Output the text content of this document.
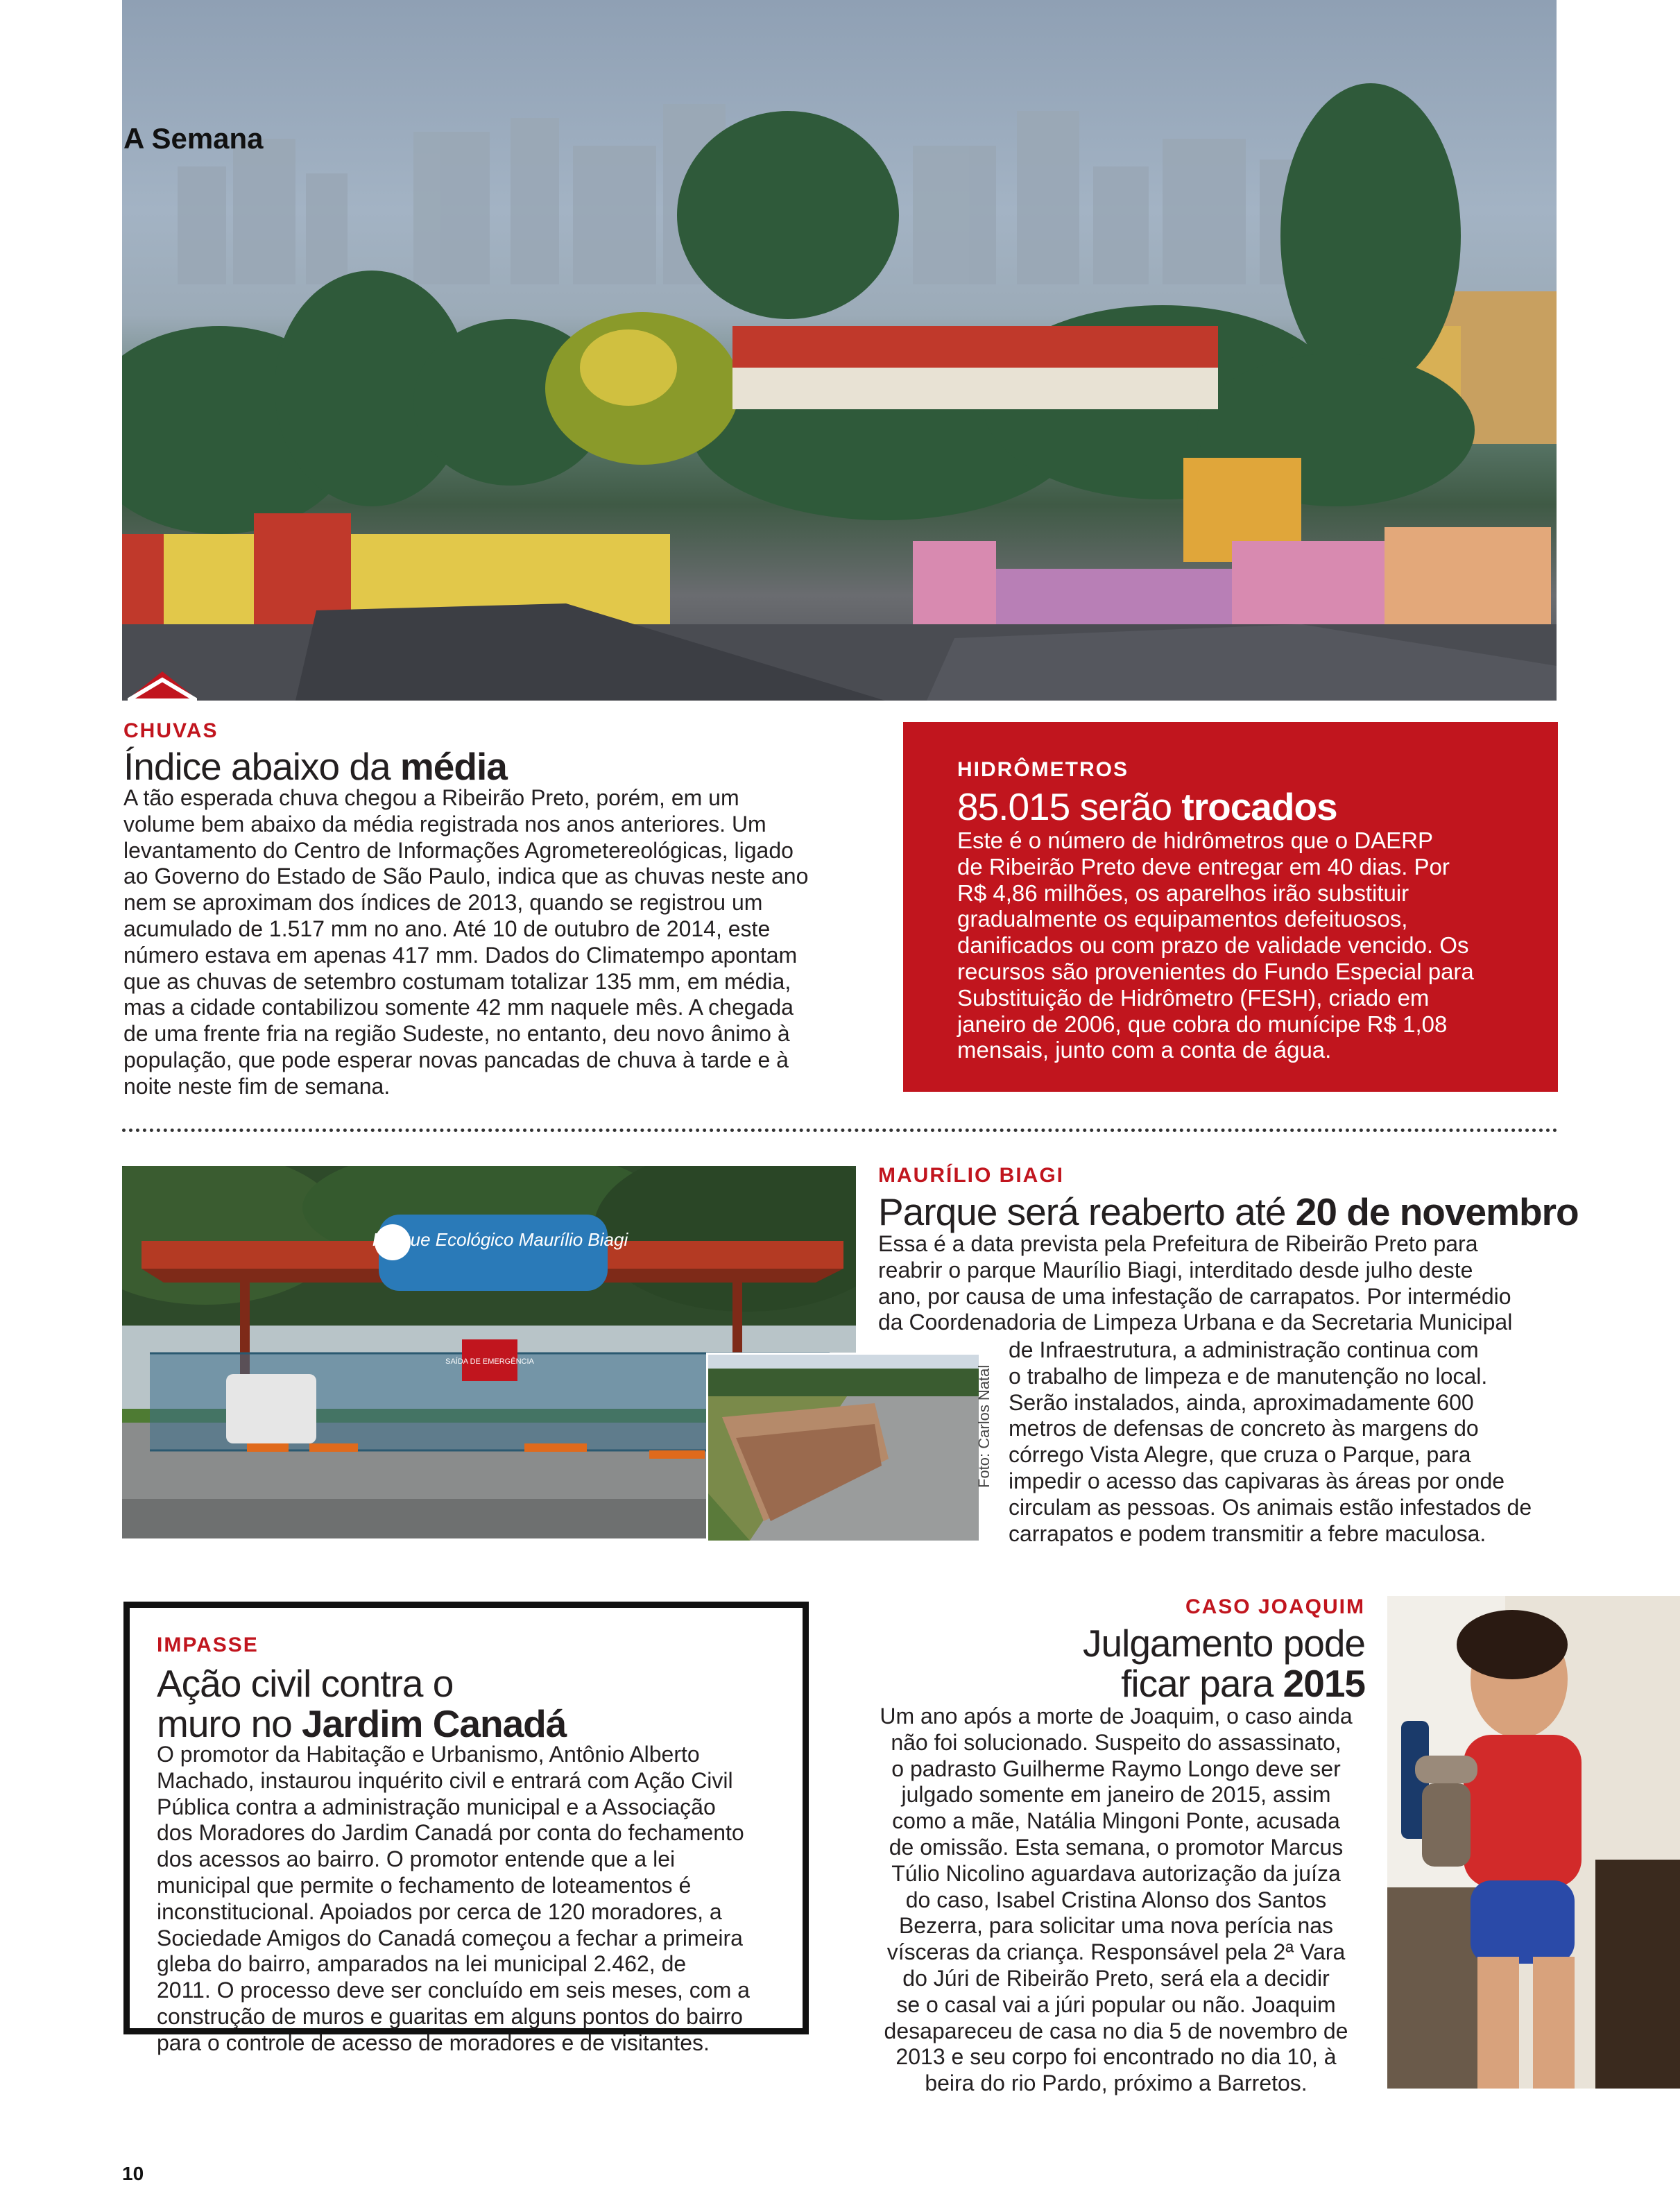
A Semana
CHUVAS
Índice abaixo da média
A tão esperada chuva chegou a Ribeirão Preto, porém, em um
volume bem abaixo da média registrada nos anos anteriores. Um
levantamento do Centro de Informações Agrometereológicas, ligado
ao Governo do Estado de São Paulo, indica que as chuvas neste ano
nem se aproximam dos índices de 2013, quando se registrou um
acumulado de 1.517 mm no ano. Até 10 de outubro de 2014, este
número estava em apenas 417 mm. Dados do Climatempo apontam
que as chuvas de setembro costumam totalizar 135 mm, em média,
mas a cidade contabilizou somente 42 mm naquele mês. A chegada
de uma frente fria na região Sudeste, no entanto, deu novo ânimo à
população, que pode esperar novas pancadas de chuva à tarde e à
noite neste fim de semana.
HIDRÔMETROS
85.015 serão trocados
Este é o número de hidrômetros que o DAERP
de Ribeirão Preto deve entregar em 40 dias. Por
R$ 4,86 milhões, os aparelhos irão substituir
gradualmente os equipamentos defeituosos,
danificados ou com prazo de validade vencido. Os
recursos são provenientes do Fundo Especial para
Substituição de Hidrômetro (FESH), criado em
janeiro de 2006, que cobra do munícipe R$ 1,08
mensais, junto com a conta de água.
Parque Ecológico Maurílio Biagi
SAÍDA DE EMERGÊNCIA
Foto: Carlos Natal
MAURÍLIO BIAGI
Parque será reaberto até 20 de novembro
Essa é a data prevista pela Prefeitura de Ribeirão Preto para
reabrir o parque Maurílio Biagi, interditado desde julho deste
ano, por causa de uma infestação de carrapatos. Por intermédio
da Coordenadoria de Limpeza Urbana e da Secretaria Municipal
de Infraestrutura, a administração continua com
o trabalho de limpeza e de manutenção no local.
Serão instalados, ainda, aproximadamente 600
metros de defensas de concreto às margens do
córrego Vista Alegre, que cruza o Parque, para
impedir o acesso das capivaras às áreas por onde
circulam as pessoas. Os animais estão infestados de
carrapatos e podem transmitir a febre maculosa.
IMPASSE
Ação civil contra o
muro no Jardim Canadá
O promotor da Habitação e Urbanismo, Antônio Alberto
Machado, instaurou inquérito civil e entrará com Ação Civil
Pública contra a administração municipal e a Associação
dos Moradores do Jardim Canadá por conta do fechamento
dos acessos ao bairro. O promotor entende que a lei
municipal que permite o fechamento de loteamentos é
inconstitucional. Apoiados por cerca de 120 moradores, a
Sociedade Amigos do Canadá começou a fechar a primeira
gleba do bairro, amparados na lei municipal 2.462, de
2011. O processo deve ser concluído em seis meses, com a
construção de muros e guaritas em alguns pontos do bairro
para o controle de acesso de moradores e de visitantes.
CASO JOAQUIM
Julgamento pode
ficar para 2015
Um ano após a morte de Joaquim, o caso ainda
não foi solucionado. Suspeito do assassinato,
o padrasto Guilherme Raymo Longo deve ser
julgado somente em janeiro de 2015, assim
como a mãe, Natália Mingoni Ponte, acusada
de omissão. Esta semana, o promotor Marcus
Túlio Nicolino aguardava autorização da juíza
do caso, Isabel Cristina Alonso dos Santos
Bezerra, para solicitar uma nova perícia nas
vísceras da criança. Responsável pela 2ª Vara
do Júri de Ribeirão Preto, será ela a decidir
se o casal vai a júri popular ou não. Joaquim
desapareceu de casa no dia 5 de novembro de
2013 e seu corpo foi encontrado no dia 10, à
beira do rio Pardo, próximo a Barretos.
10
